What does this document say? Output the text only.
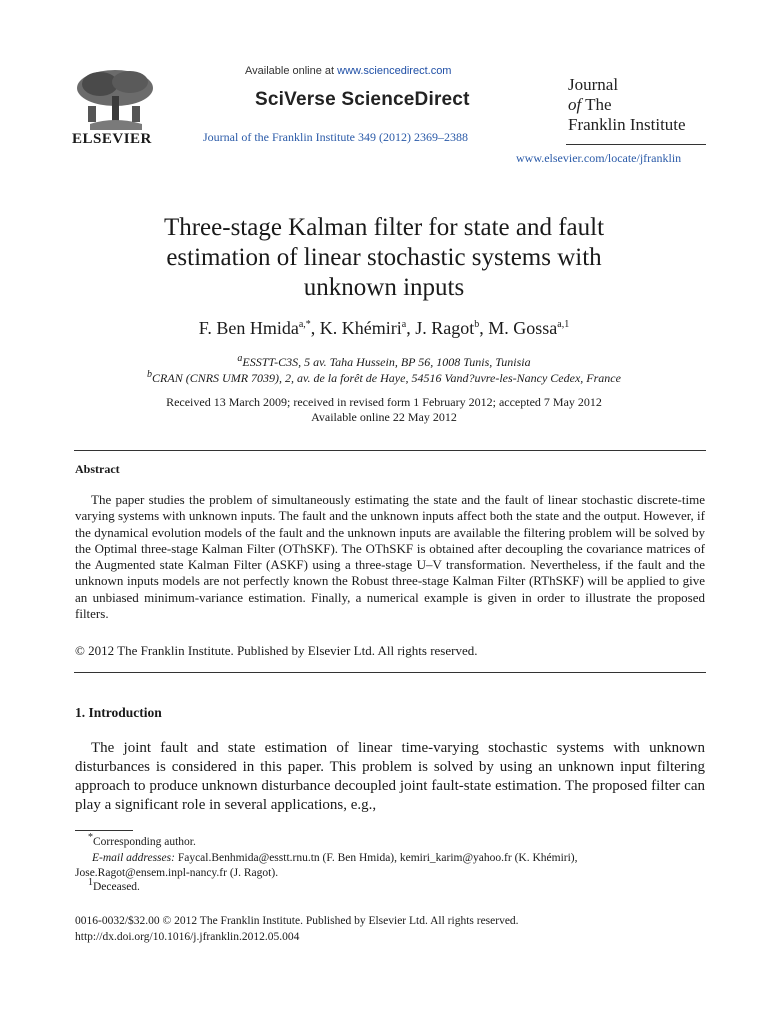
ELSEVIER
Available online at www.sciencedirect.com
SciVerse ScienceDirect
Journal of the Franklin Institute 349 (2012) 2369–2388
Journal
of The
Franklin Institute
www.elsevier.com/locate/jfranklin
Three-stage Kalman filter for state and fault
estimation of linear stochastic systems with
unknown inputs
F. Ben Hmida$^{a,*}$, K. Khémiri$^a$, J. Ragot$^b$, M. Gossa$^{a,1}$
$^a$ESSTT-C3S, 5 av. Taha Hussein, BP 56, 1008 Tunis, Tunisia
$^b$CRAN (CNRS UMR 7039), 2, av. de la forêt de Haye, 54516 Vand?uvre-les-Nancy Cedex, France
Received 13 March 2009; received in revised form 1 February 2012; accepted 7 May 2012
Available online 22 May 2012
Abstract
The paper studies the problem of simultaneously estimating the state and the fault of linear stochastic discrete-time varying systems with unknown inputs. The fault and the unknown inputs affect both the state and the output. However, if the dynamical evolution models of the fault and the unknown inputs are available the filtering problem will be solved by the Optimal three-stage Kalman Filter (OThSKF). The OThSKF is obtained after decoupling the covariance matrices of the Augmented state Kalman Filter (ASKF) using a three-stage U–V transformation. Nevertheless, if the fault and the unknown inputs models are not perfectly known the Robust three-stage Kalman Filter (RThSKF) will be applied to give an unbiased minimum-variance estimation. Finally, a numerical example is given in order to illustrate the proposed filters.
© 2012 The Franklin Institute. Published by Elsevier Ltd. All rights reserved.
1. Introduction
The joint fault and state estimation of linear time-varying stochastic systems with unknown disturbances is considered in this paper. This problem is solved by using an unknown input filtering approach to produce unknown disturbance decoupled joint fault-state estimation. The proposed filter can play a significant role in several applications, e.g.,
*Corresponding author.
E-mail addresses: Faycal.Benhmida@esstt.rnu.tn (F. Ben Hmida), kemiri_karim@yahoo.fr (K. Khémiri),
Jose.Ragot@ensem.inpl-nancy.fr (J. Ragot).
$^1$Deceased.
0016-0032/$32.00 © 2012 The Franklin Institute. Published by Elsevier Ltd. All rights reserved.
http://dx.doi.org/10.1016/j.jfranklin.2012.05.004
